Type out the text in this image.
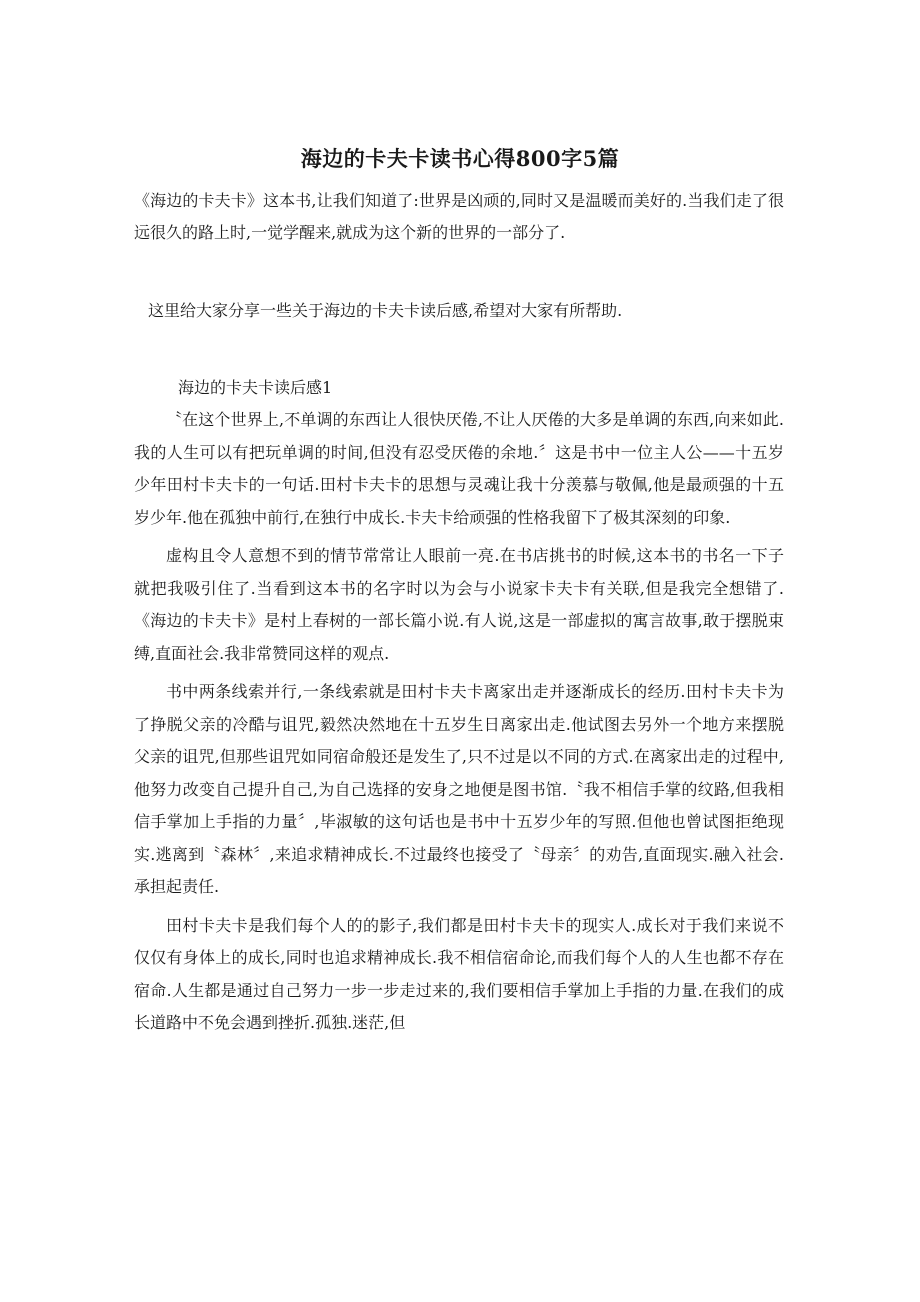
海边的卡夫卡读书心得800字5篇
《海边的卡夫卡》这本书,让我们知道了:世界是凶顽的,同时又是温暖而美好的.当我们走了很远很久的路上时,一觉学醒来,就成为这个新的世界的一部分了.
这里给大家分享一些关于海边的卡夫卡读后感,希望对大家有所帮助.
海边的卡夫卡读后感1

〝在这个世界上,不单调的东西让人很快厌倦,不让人厌倦的大多是单调的东西,向来如此.我的人生可以有把玩单调的时间,但没有忍受厌倦的余地.〞这是书中一位主人公——十五岁少年田村卡夫卡的一句话.田村卡夫卡的思想与灵魂让我十分羡慕与敬佩,他是最顽强的十五岁少年.他在孤独中前行,在独行中成长.卡夫卡给顽强的性格我留下了极其深刻的印象.

虚构且令人意想不到的情节常常让人眼前一亮.在书店挑书的时候,这本书的书名一下子就把我吸引住了.当看到这本书的名字时以为会与小说家卡夫卡有关联,但是我完全想错了.《海边的卡夫卡》是村上春树的一部长篇小说.有人说,这是一部虚拟的寓言故事,敢于摆脱束缚,直面社会.我非常赞同这样的观点.

书中两条线索并行,一条线索就是田村卡夫卡离家出走并逐渐成长的经历.田村卡夫卡为了挣脱父亲的冷酷与诅咒,毅然决然地在十五岁生日离家出走.他试图去另外一个地方来摆脱父亲的诅咒,但那些诅咒如同宿命般还是发生了,只不过是以不同的方式.在离家出走的过程中,他努力改变自己提升自己,为自己选择的安身之地便是图书馆.〝我不相信手掌的纹路,但我相信手掌加上手指的力量〞,毕淑敏的这句话也是书中十五岁少年的写照.但他也曾试图拒绝现实.逃离到〝森林〞,来追求精神成长.不过最终也接受了〝母亲〞的劝告,直面现实.融入社会.承担起责任.

田村卡夫卡是我们每个人的的影子,我们都是田村卡夫卡的现实人.成长对于我们来说不仅仅有身体上的成长,同时也追求精神成长.我不相信宿命论,而我们每个人的人生也都不存在宿命.人生都是通过自己努力一步一步走过来的,我们要相信手掌加上手指的力量.在我们的成长道路中不免会遇到挫折.孤独.迷茫,但
